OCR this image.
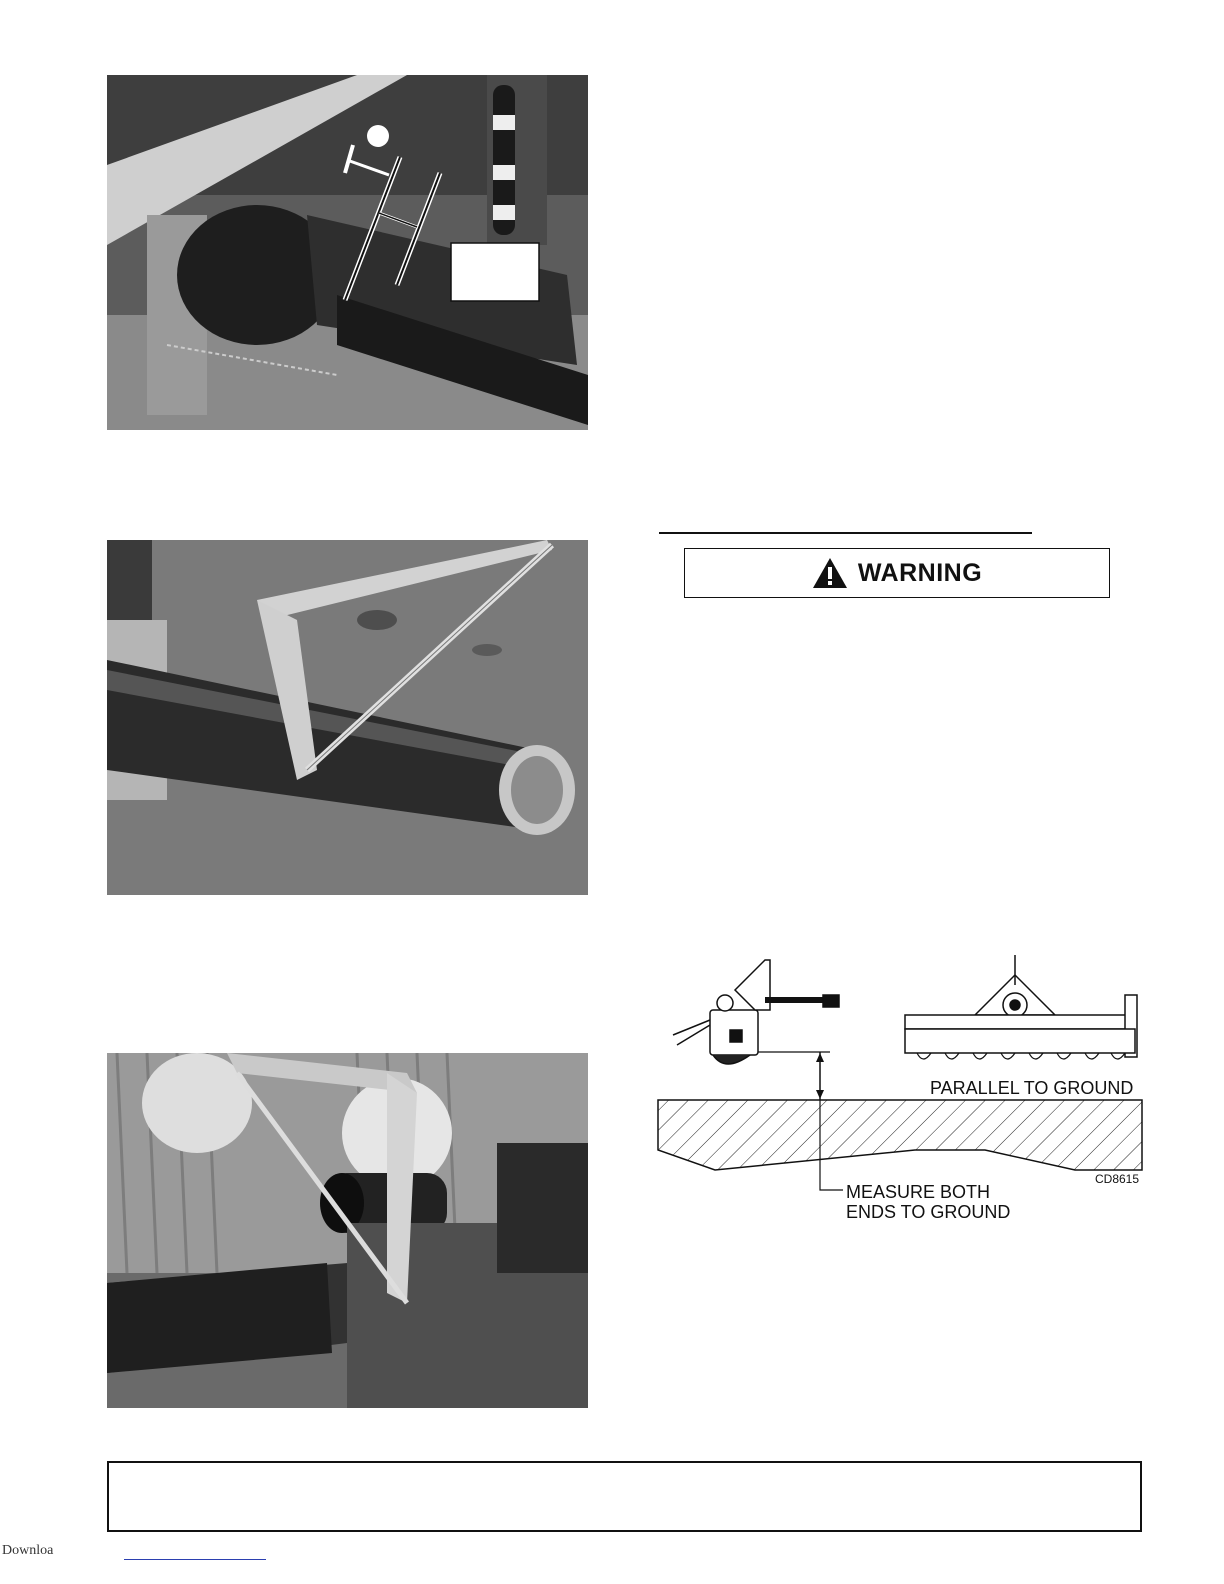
WARNING
PARALLEL TO GROUND
MEASURE BOTH
ENDS TO GROUND
CD8615
Downloa
